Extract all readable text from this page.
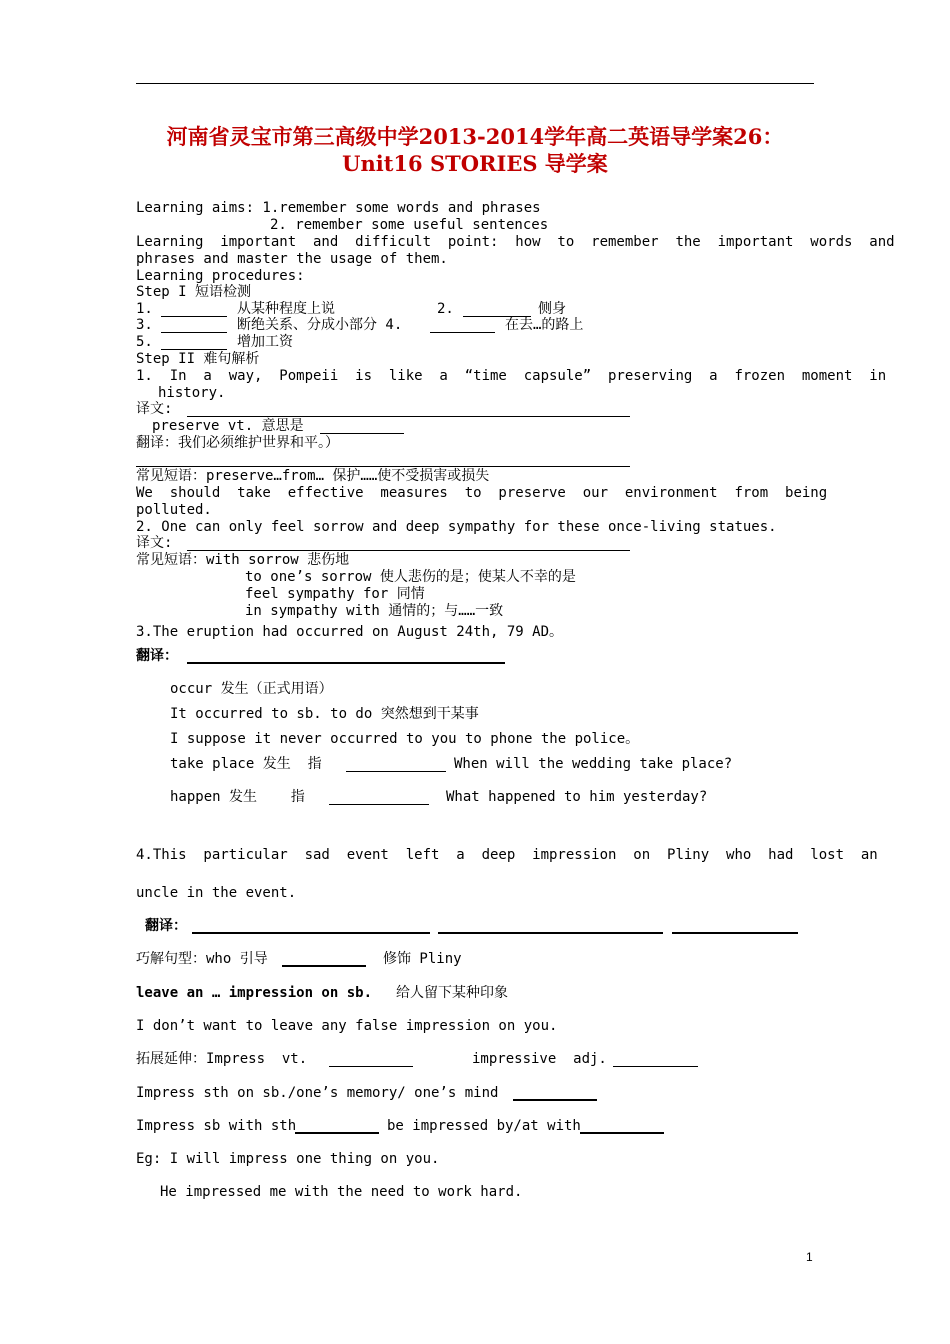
河南省灵宝市第三高级中学2013-2014学年高二英语导学案26：
Unit16 STORIES 导学案
Learning aims: 1.remember some words and phrases
2. remember some useful sentences
Learning  important  and  difficult  point:  how  to  remember  the  important  words  and
phrases and master the usage of them.
Learning procedures:
Step I 短语检测
1.	从某种程度上说	2.	侧身
3.	断绝关系、分成小部分 4.	在去…的路上
5.	增加工资
Step II 难句解析
1.  In  a  way,  Pompeii  is  like  a  “time  capsule”  preserving  a  frozen  moment  in
history.
译文:
preserve vt. 意思是
翻译：我们必须维护世界和平。）
常见短语：preserve…from… 保护……使不受损害或损失
We  should  take  effective  measures  to  preserve  our  environment  from  being
polluted.
2. One can only feel sorrow and deep sympathy for these once-living statues.
译文:
常见短语：with sorrow 悲伤地
to one’s sorrow 使人悲伤的是；使某人不幸的是
feel sympathy for 同情
in sympathy with 通情的；与……一致
3.The eruption had occurred on August 24th, 79 AD。
翻译：
occur 发生（正式用语）
It occurred to sb. to do 突然想到干某事
I suppose it never occurred to you to phone the police。
take place 发生  指	When will the wedding take place?
happen 发生    指	What happened to him yesterday?
4.This  particular  sad  event  left  a  deep  impression  on  Pliny  who  had  lost  an
uncle in the event.
翻译：
巧解句型：who 引导	修饰 Pliny
leave an … impression on sb. 给人留下某种印象
I don’t want to leave any false impression on you.
拓展延伸：Impress  vt.	impressive  adj.
Impress sth on sb./one’s memory/ one’s mind
Impress sb with sth	be impressed by/at with
Eg: I will impress one thing on you.
He impressed me with the need to work hard.
1
